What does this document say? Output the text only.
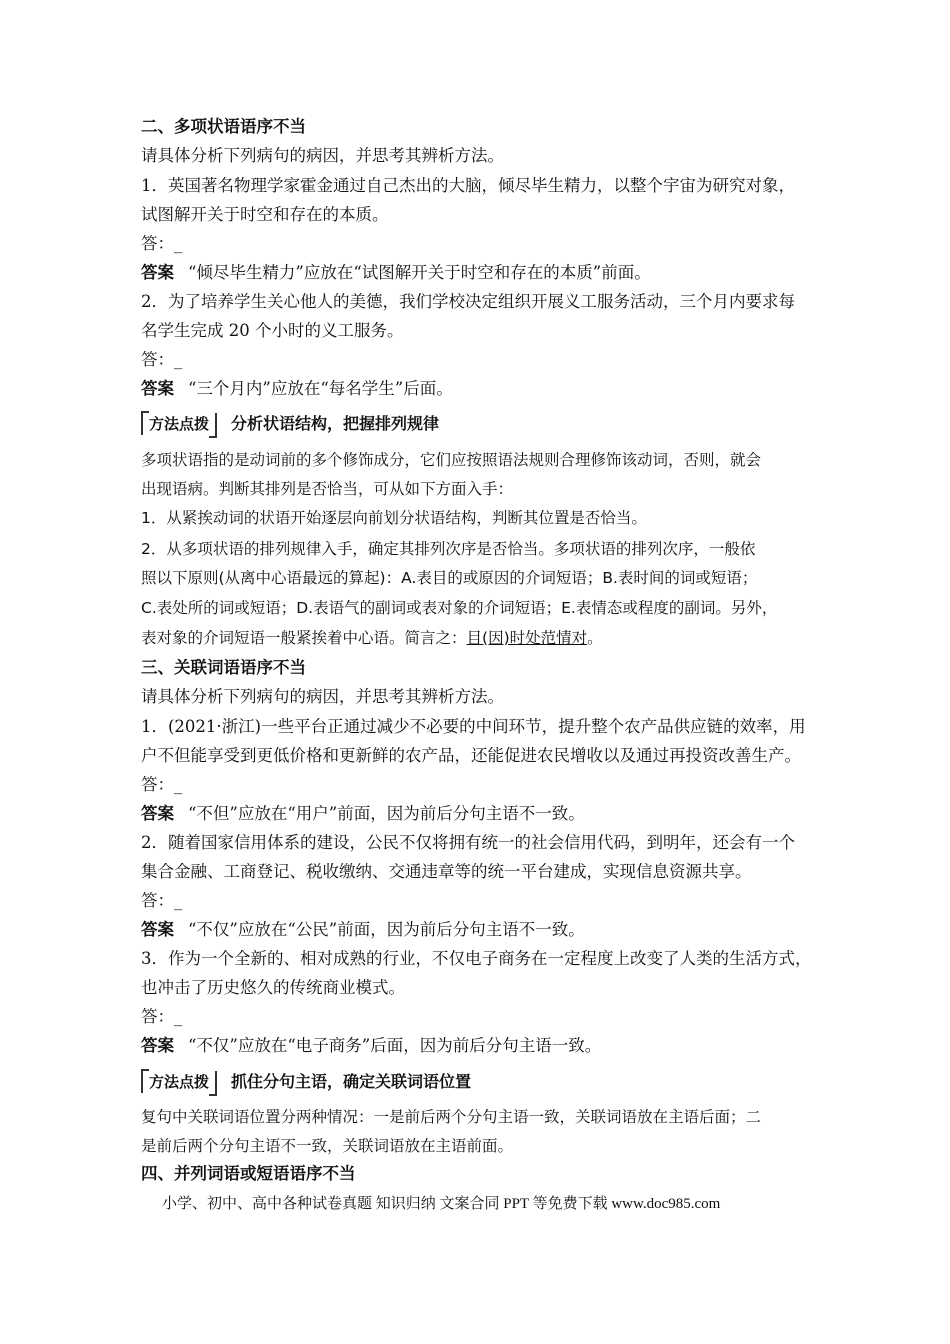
二、多项状语语序不当
请具体分析下列病句的病因，并思考其辨析方法。
1．英国著名物理学家霍金通过自己杰出的大脑，倾尽毕生精力，以整个宇宙为研究对象，
试图解开关于时空和存在的本质。
答：_
答案 “倾尽毕生精力”应放在“试图解开关于时空和存在的本质”前面。
2．为了培养学生关心他人的美德，我们学校决定组织开展义工服务活动，三个月内要求每
名学生完成 20 个小时的义工服务。
答：_
答案 “三个月内”应放在“每名学生”后面。
方法点拨 分析状语结构，把握排列规律
多项状语指的是动词前的多个修饰成分，它们应按照语法规则合理修饰该动词，否则，就会
出现语病。判断其排列是否恰当，可从如下方面入手：
1．从紧挨动词的状语开始逐层向前划分状语结构，判断其位置是否恰当。
2．从多项状语的排列规律入手，确定其排列次序是否恰当。多项状语的排列次序，一般依
照以下原则(从离中心语最远的算起)：A.表目的或原因的介词短语；B.表时间的词或短语；
C.表处所的词或短语；D.表语气的副词或表对象的介词短语；E.表情态或程度的副词。另外，
表对象的介词短语一般紧挨着中心语。简言之：目(因)时处范情对。
三、关联词语语序不当
请具体分析下列病句的病因，并思考其辨析方法。
1．(2021·浙江)一些平台正通过减少不必要的中间环节，提升整个农产品供应链的效率，用
户不但能享受到更低价格和更新鲜的农产品，还能促进农民增收以及通过再投资改善生产。
答：_
答案 “不但”应放在“用户”前面，因为前后分句主语不一致。
2．随着国家信用体系的建设，公民不仅将拥有统一的社会信用代码，到明年，还会有一个
集合金融、工商登记、税收缴纳、交通违章等的统一平台建成，实现信息资源共享。
答：_
答案 “不仅”应放在“公民”前面，因为前后分句主语不一致。
3．作为一个全新的、相对成熟的行业，不仅电子商务在一定程度上改变了人类的生活方式，
也冲击了历史悠久的传统商业模式。
答：_
答案 “不仅”应放在“电子商务”后面，因为前后分句主语一致。
方法点拨 抓住分句主语，确定关联词语位置
复句中关联词语位置分两种情况：一是前后两个分句主语一致，关联词语放在主语后面；二
是前后两个分句主语不一致，关联词语放在主语前面。
四、并列词语或短语语序不当
小学、初中、高中各种试卷真题 知识归纳 文案合同 PPT 等免费下载 www.doc985.com
